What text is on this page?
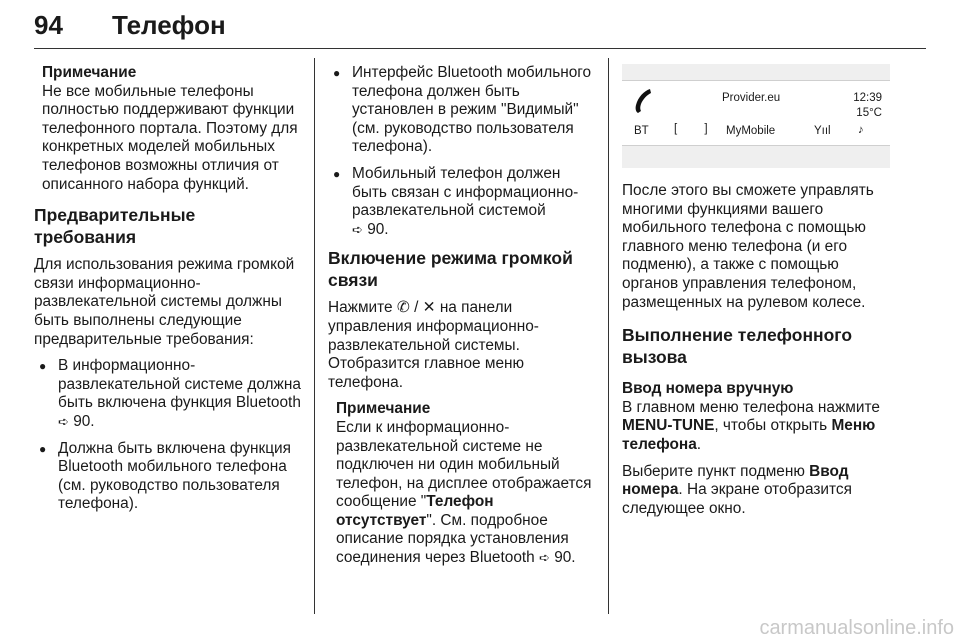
94 Телефон
Примечание
Не все мобильные телефоны полностью поддерживают функции телефонного портала. Поэтому для конкретных моделей мобильных телефонов возможны отличия от описанного набора функций.
Предварительные требования

Для использования режима громкой связи информационно-развлекательной системы должны быть выполнены следующие предварительные требования:

● В информационно-развлекательной системе должна быть включена функция Bluetooth
➪ 90.
● Должна быть включена функция Bluetooth мобильного телефона (см. руководство пользователя телефона).
● Интерфейс Bluetooth мобильного телефона должен быть установлен в режим "Видимый" (см. руководство пользователя телефона).
● Мобильный телефон должен быть связан с информационно-развлекательной системой
➪ 90.
Включение режима громкой связи

Нажмите ✆ / ✕ на панели управления информационно-развлекательной системы. Отобразится главное меню телефона.

Примечание
Если к информационно-развлекательной системе не подключен ни один мобильный телефон, на дисплее отображается сообщение "Телефон отсутствует". См. подробное описание порядка установления соединения через Bluetooth ➪ 90.
Provider.eu	12:39
15°C
BT [ ] MyMobile	Yııl ♪

После этого вы сможете управлять многими функциями вашего мобильного телефона с помощью главного меню телефона (и его подменю), а также с помощью органов управления телефоном, размещенных на рулевом колесе.

Выполнение телефонного вызова
Ввод номера вручную

В главном меню телефона нажмите MENU-TUNE, чтобы открыть Меню телефона.

Выберите пункт подменю Ввод номера. На экране отобразится следующее окно.

carmanualsonline.info
